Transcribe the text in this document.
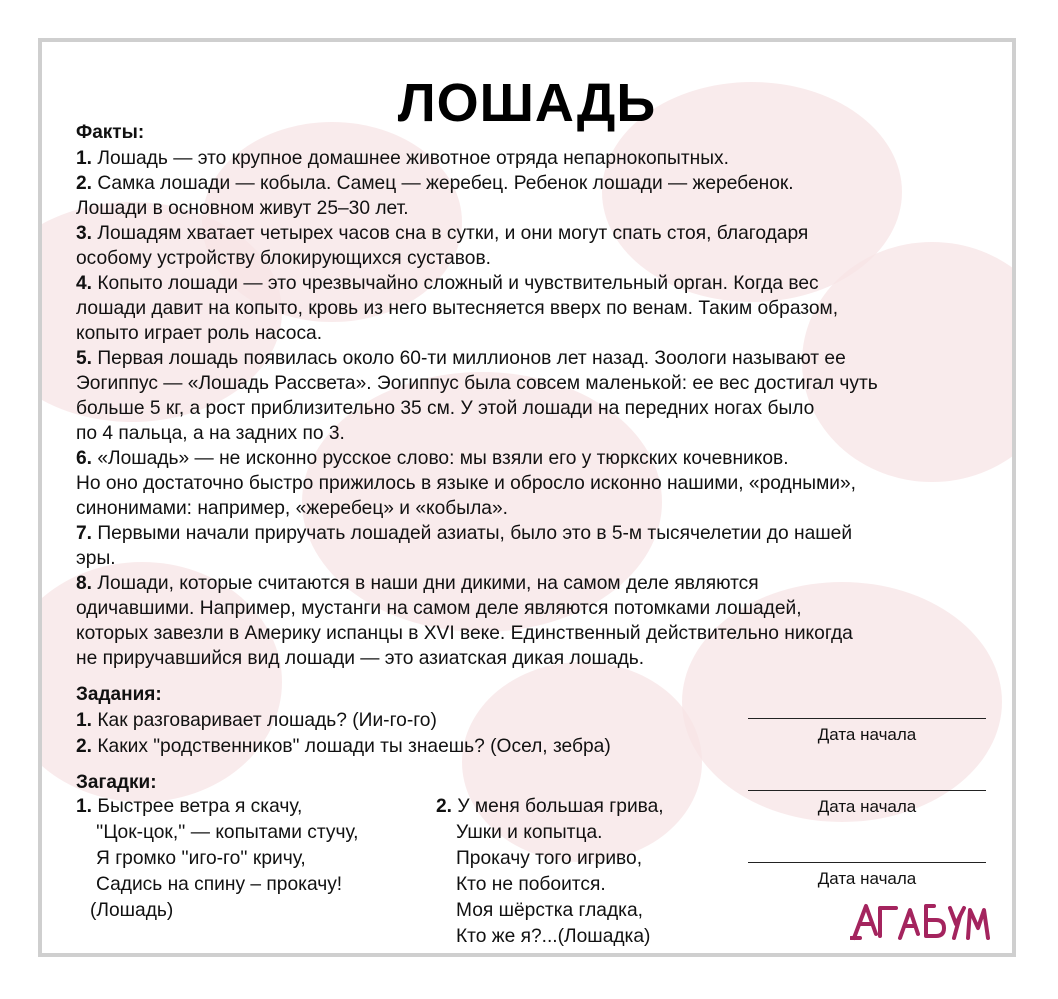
ЛОШАДЬ
Факты:

1. Лошадь — это крупное домашнее животное отряда непарнокопытных.

2. Самка лошади — кобыла. Самец — жеребец. Ребенок лошади — жеребенок.

Лошади в основном живут 25–30 лет.

3. Лошадям хватает четырех часов сна в сутки, и они могут спать стоя, благодаря

особому устройству блокирующихся суставов.

4. Копыто лошади — это чрезвычайно сложный и чувствительный орган. Когда вес

лошади давит на копыто, кровь из него вытесняется вверх по венам. Таким образом,

копыто играет роль насоса.

5. Первая лошадь появилась около 60-ти миллионов лет назад. Зоологи называют ее

Эогиппус — «Лошадь Рассвета». Эогиппус была совсем маленькой: ее вес достигал чуть

больше 5 кг, а рост приблизительно 35 см. У этой лошади на передних ногах было

по 4 пальца, а на задних по 3.

6. «Лошадь» — не исконно русское слово: мы взяли его у тюркских кочевников.

Но оно достаточно быстро прижилось в языке и обросло исконно нашими, «родными»,

синонимами: например, «жеребец» и «кобыла».

7. Первыми начали приручать лошадей азиаты, было это в 5-м тысячелетии до нашей

эры.

8. Лошади, которые считаются в наши дни дикими, на самом деле являются

одичавшими. Например, мустанги на самом деле являются потомками лошадей,

которых завезли в Америку испанцы в XVI веке. Единственный действительно никогда

не приручавшийся вид лошади — это азиатская дикая лошадь.

Задания:

1. Как разговаривает лошадь? (Ии-го-го)

2. Каких "родственников" лошади ты знаешь? (Осел, зебра)

Загадки:

1. Быстрее ветра я скачу,

''Цок-цок,'' — копытами стучу,

Я громко ''иго-го'' кричу,

Садись на спину – прокачу!

(Лошадь)

2. У меня большая грива,

Ушки и копытца.

Прокачу того игриво,

Кто не побоится.

Моя шёрстка гладка,

Кто же я?...(Лошадка)

Дата начала
Дата начала
Дата начала
